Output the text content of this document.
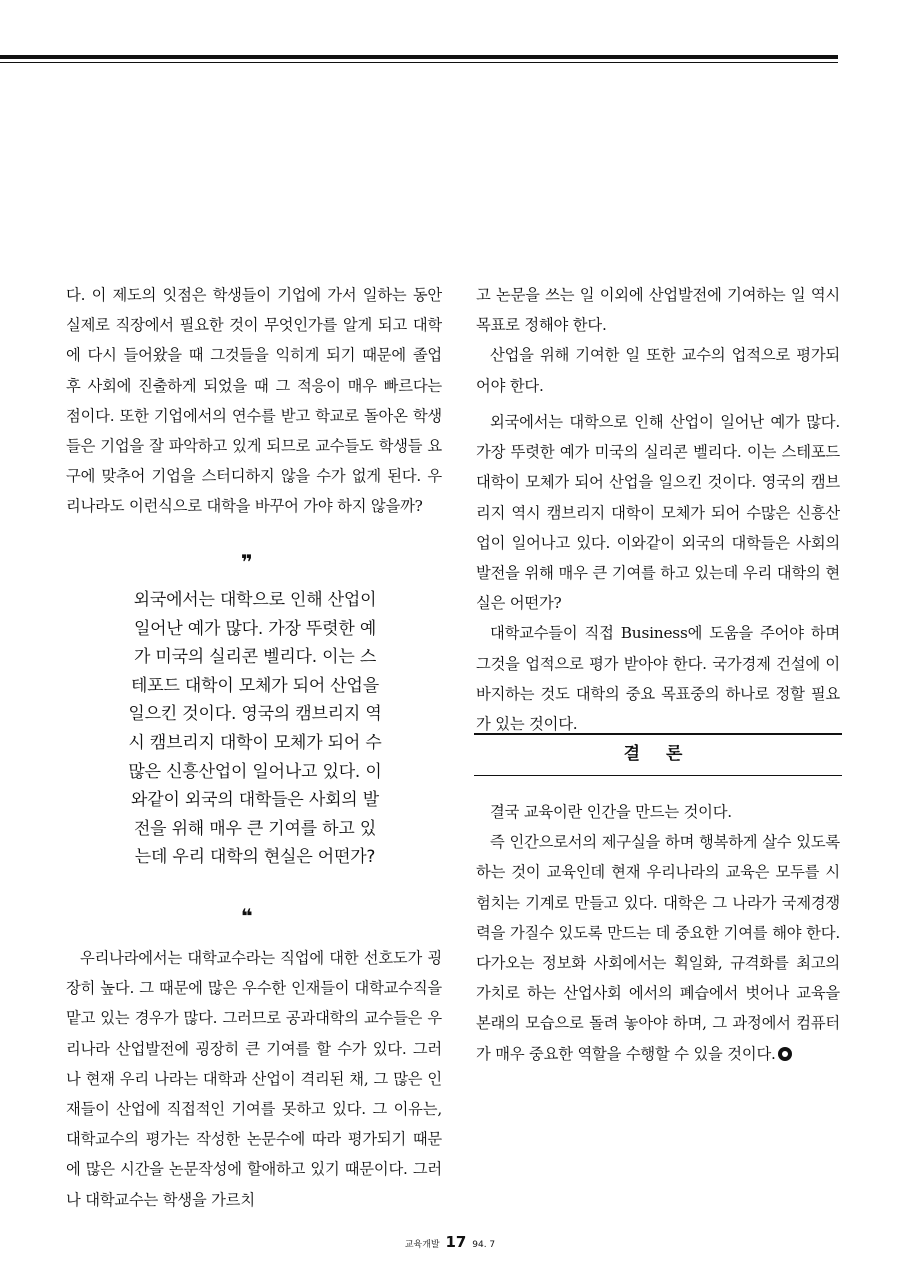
다. 이 제도의 잇점은 학생들이 기업에 가서 일하는 동안 실제로 직장에서 필요한 것이 무엇인가를 알게 되고 대학에 다시 들어왔을 때 그것들을 익히게 되기 때문에 졸업 후 사회에 진출하게 되었을 때 그 적응이 매우 빠르다는 점이다. 또한 기업에서의 연수를 받고 학교로 돌아온 학생들은 기업을 잘 파악하고 있게 되므로 교수들도 학생들 요구에 맞추어 기업을 스터디하지 않을 수가 없게 된다. 우리나라도 이런식으로 대학을 바꾸어 가야 하지 않을까?

❞

외국에서는 대학으로 인해 산업이 일어난 예가 많다. 가장 뚜렷한 예가 미국의 실리콘 벨리다. 이는 스테포드 대학이 모체가 되어 산업을 일으킨 것이다. 영국의 캠브리지 역시 캠브리지 대학이 모체가 되어 수많은 신흥산업이 일어나고 있다. 이와같이 외국의 대학들은 사회의 발전을 위해 매우 큰 기여를 하고 있는데 우리 대학의 현실은 어떤가?

❝

우리나라에서는 대학교수라는 직업에 대한 선호도가 굉장히 높다. 그 때문에 많은 우수한 인재들이 대학교수직을 맡고 있는 경우가 많다. 그러므로 공과대학의 교수들은 우리나라 산업발전에 굉장히 큰 기여를 할 수가 있다. 그러나 현재 우리 나라는 대학과 산업이 격리된 채, 그 많은 인재들이 산업에 직접적인 기여를 못하고 있다. 그 이유는, 대학교수의 평가는 작성한 논문수에 따라 평가되기 때문에 많은 시간을 논문작성에 할애하고 있기 때문이다. 그러나 대학교수는 학생을 가르치

고 논문을 쓰는 일 이외에 산업발전에 기여하는 일 역시 목표로 정해야 한다.

산업을 위해 기여한 일 또한 교수의 업적으로 평가되어야 한다.

외국에서는 대학으로 인해 산업이 일어난 예가 많다. 가장 뚜렷한 예가 미국의 실리콘 벨리다. 이는 스테포드 대학이 모체가 되어 산업을 일으킨 것이다. 영국의 캠브리지 역시 캠브리지 대학이 모체가 되어 수많은 신흥산업이 일어나고 있다. 이와같이 외국의 대학들은 사회의 발전을 위해 매우 큰 기여를 하고 있는데 우리 대학의 현실은 어떤가?

대학교수들이 직접 Business에 도움을 주어야 하며 그것을 업적으로 평가 받아야 한다. 국가경제 건설에 이바지하는 것도 대학의 중요 목표중의 하나로 정할 필요가 있는 것이다.

결 론

결국 교육이란 인간을 만드는 것이다.

즉 인간으로서의 제구실을 하며 행복하게 살수 있도록 하는 것이 교육인데 현재 우리나라의 교육은 모두를 시험치는 기계로 만들고 있다. 대학은 그 나라가 국제경쟁력을 가질수 있도록 만드는 데 중요한 기여를 해야 한다. 다가오는 정보화 사회에서는 획일화, 규격화를 최고의 가치로 하는 산업사회 에서의 폐습에서 벗어나 교육을 본래의 모습으로 돌려 놓아야 하며, 그 과정에서 컴퓨터가 매우 중요한 역할을 수행할 수 있을 것이다.

교육개발 17 94. 7
